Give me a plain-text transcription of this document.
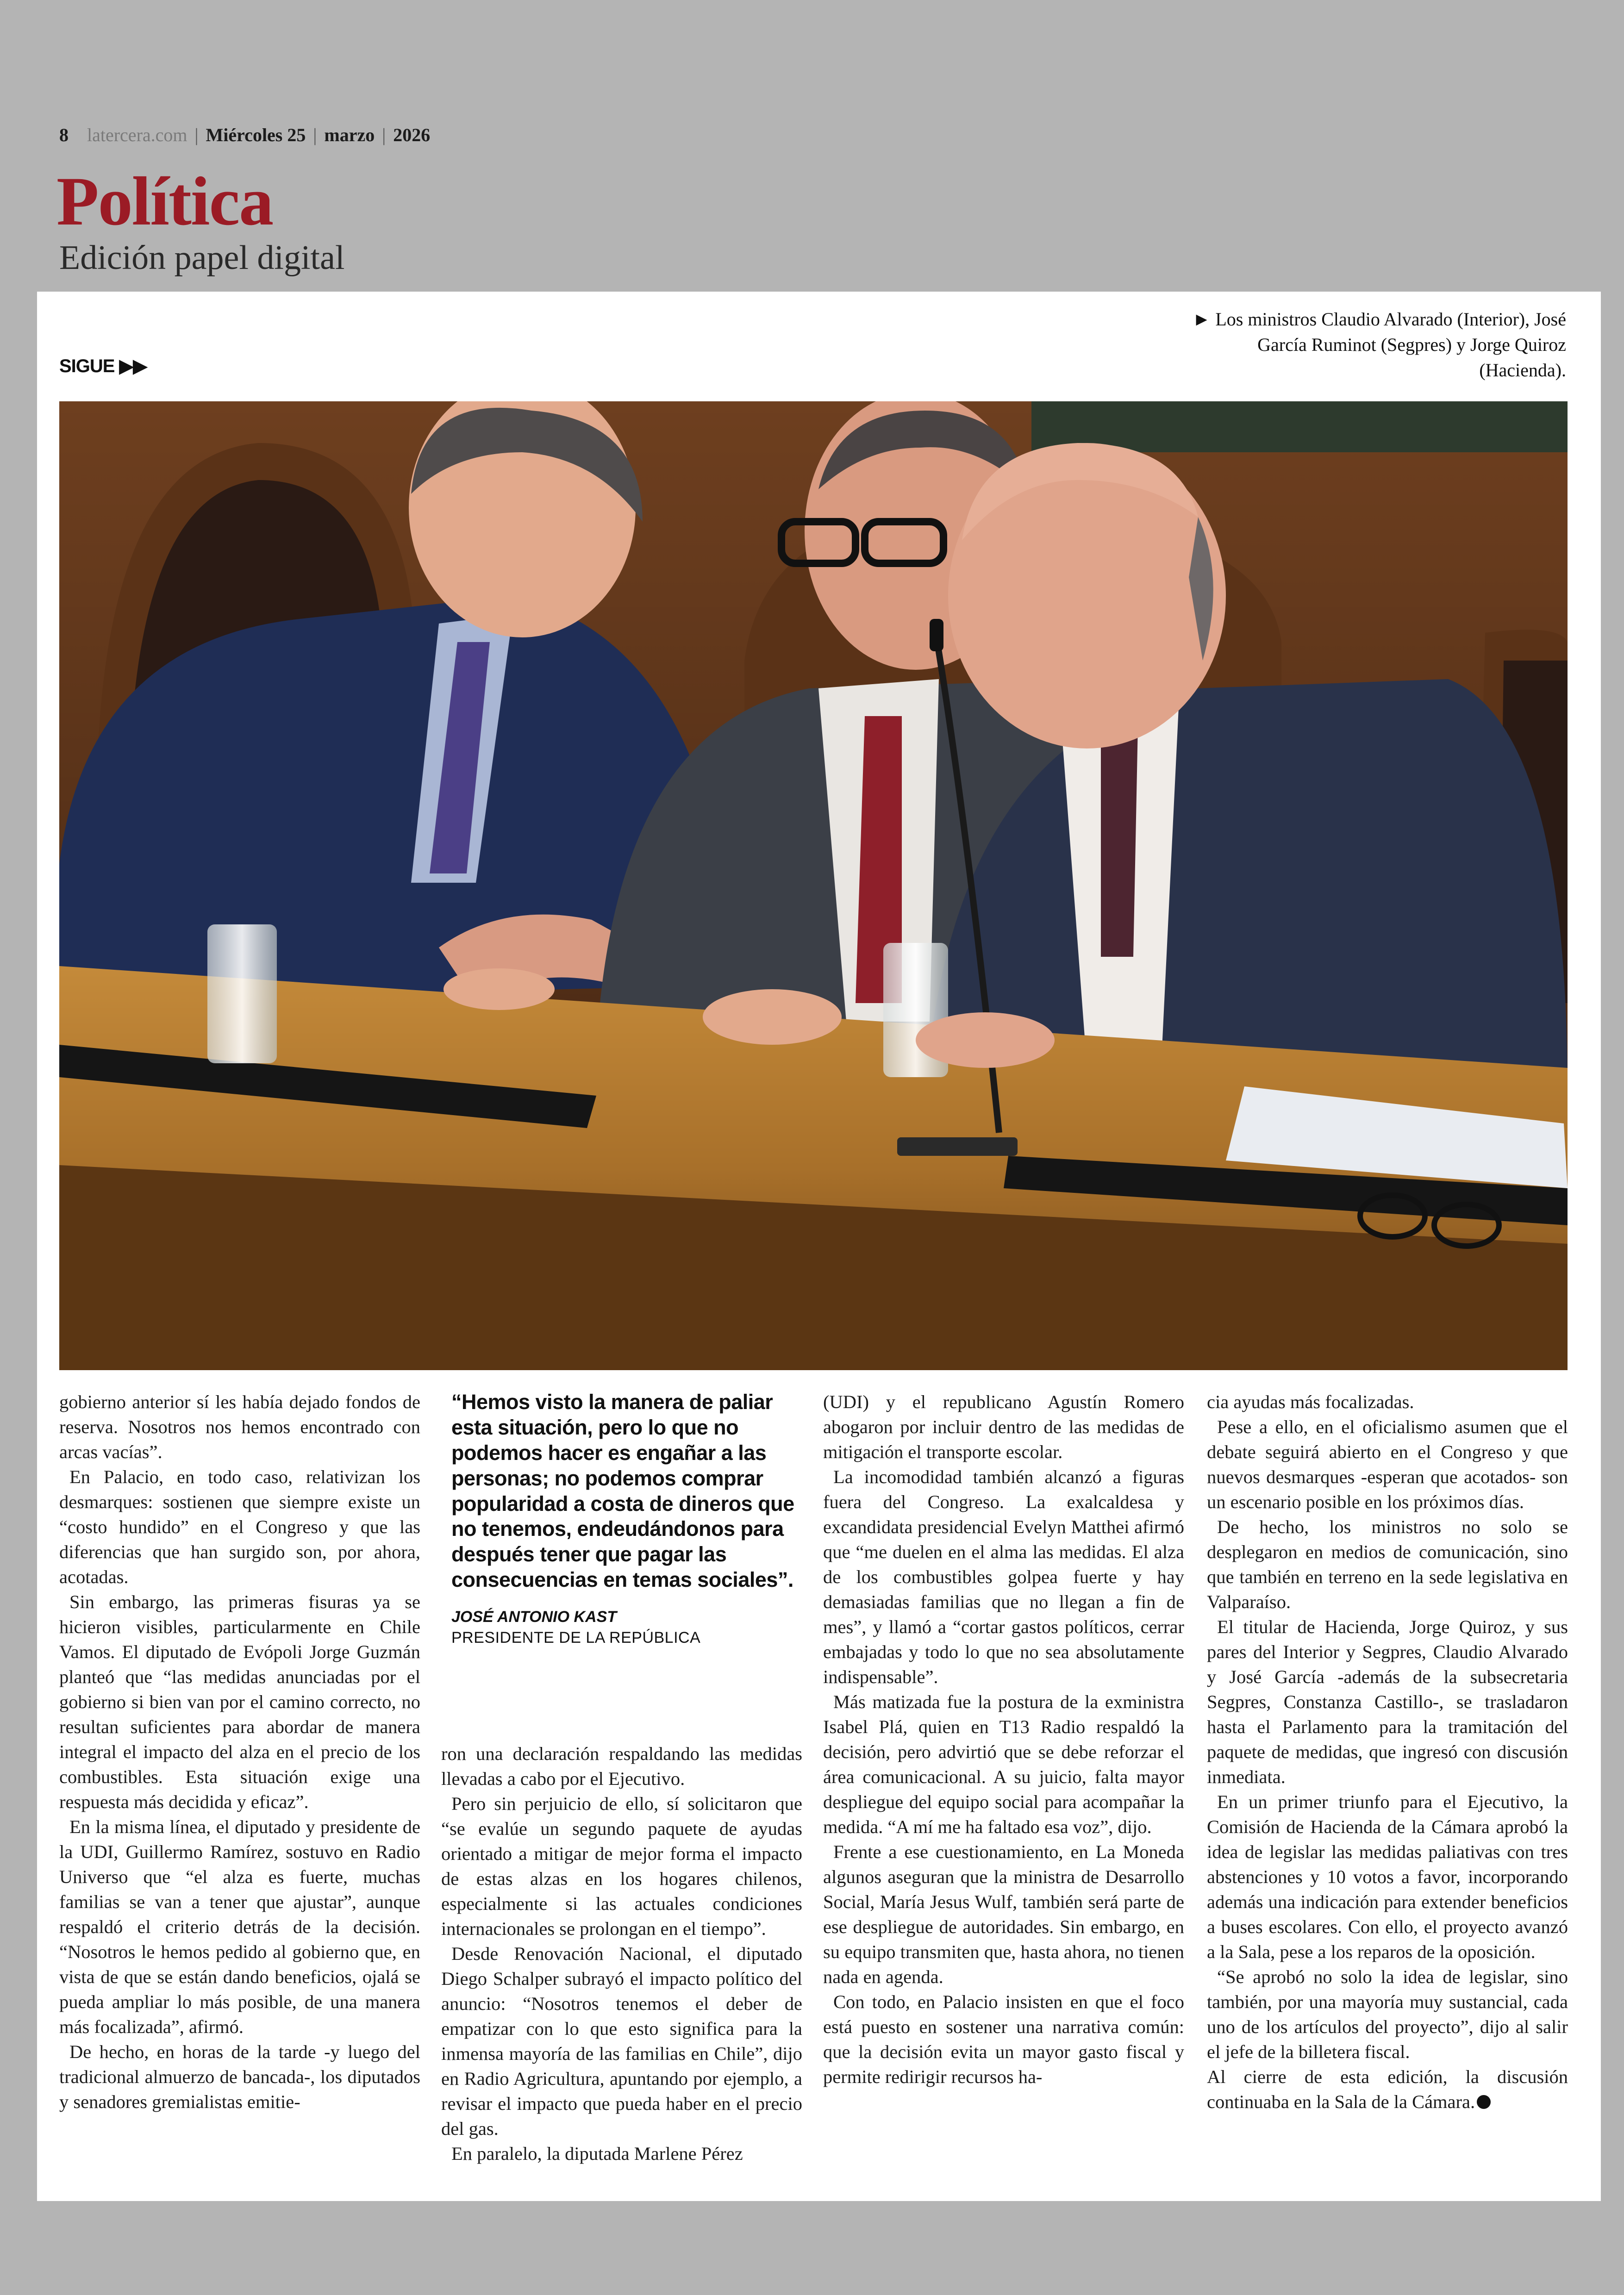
8 latercera.com | Miércoles 25 | marzo | 2026
Política
Edición papel digital
SIGUE ▶▶
► Los ministros Claudio Alvarado (Interior), José García Ruminot (Segpres) y Jorge Quiroz (Hacienda).

gobierno anterior sí les había dejado fondos de reserva. Nosotros nos hemos encontrado con arcas vacías”.

En Palacio, en todo caso, relativizan los desmarques: sostienen que siempre existe un “costo hundido” en el Congreso y que las diferencias que han surgido son, por ahora, acotadas.

Sin embargo, las primeras fisuras ya se hicieron visibles, particularmente en Chile Vamos. El diputado de Evópoli Jorge Guzmán planteó que “las medidas anunciadas por el gobierno si bien van por el camino correcto, no resultan suficientes para abordar de manera integral el impacto del alza en el precio de los combustibles. Esta situación exige una respuesta más decidida y eficaz”.

En la misma línea, el diputado y presidente de la UDI, Guillermo Ramírez, sostuvo en Radio Universo que “el alza es fuerte, muchas familias se van a tener que ajustar”, aunque respaldó el criterio detrás de la decisión. “Nosotros le hemos pedido al gobierno que, en vista de que se están dando beneficios, ojalá se pueda ampliar lo más posible, de una manera más focalizada”, afirmó.

De hecho, en horas de la tarde -y luego del tradicional almuerzo de bancada-, los diputados y senadores gremialistas emitie-

“Hemos visto la manera de paliar esta situación, pero lo que no podemos hacer es engañar a las personas; no podemos comprar popularidad a costa de dineros que no tenemos, endeudándonos para después tener que pagar las consecuencias en temas sociales”.
JOSÉ ANTONIO KAST
PRESIDENTE DE LA REPÚBLICA

ron una declaración respaldando las medidas llevadas a cabo por el Ejecutivo.

Pero sin perjuicio de ello, sí solicitaron que “se evalúe un segundo paquete de ayudas orientado a mitigar de mejor forma el impacto de estas alzas en los hogares chilenos, especialmente si las actuales condiciones internacionales se prolongan en el tiempo”.

Desde Renovación Nacional, el diputado Diego Schalper subrayó el impacto político del anuncio: “Nosotros tenemos el deber de empatizar con lo que esto significa para la inmensa mayoría de las familias en Chile”, dijo en Radio Agricultura, apuntando por ejemplo, a revisar el impacto que pueda haber en el precio del gas.

En paralelo, la diputada Marlene Pérez

(UDI) y el republicano Agustín Romero abogaron por incluir dentro de las medidas de mitigación el transporte escolar.

La incomodidad también alcanzó a figuras fuera del Congreso. La exalcaldesa y excandidata presidencial Evelyn Matthei afirmó que “me duelen en el alma las medidas. El alza de los combustibles golpea fuerte y hay demasiadas familias que no llegan a fin de mes”, y llamó a “cortar gastos políticos, cerrar embajadas y todo lo que no sea absolutamente indispensable”.

Más matizada fue la postura de la exministra Isabel Plá, quien en T13 Radio respaldó la decisión, pero advirtió que se debe reforzar el área comunicacional. A su juicio, falta mayor despliegue del equipo social para acompañar la medida. “A mí me ha faltado esa voz”, dijo.

Frente a ese cuestionamiento, en La Moneda algunos aseguran que la ministra de Desarrollo Social, María Jesus Wulf, también será parte de ese despliegue de autoridades. Sin embargo, en su equipo transmiten que, hasta ahora, no tienen nada en agenda.

Con todo, en Palacio insisten en que el foco está puesto en sostener una narrativa común: que la decisión evita un mayor gasto fiscal y permite redirigir recursos ha-

cia ayudas más focalizadas.

Pese a ello, en el oficialismo asumen que el debate seguirá abierto en el Congreso y que nuevos desmarques -esperan que acotados- son un escenario posible en los próximos días.

De hecho, los ministros no solo se desplegaron en medios de comunicación, sino que también en terreno en la sede legislativa en Valparaíso.

El titular de Hacienda, Jorge Quiroz, y sus pares del Interior y Segpres, Claudio Alvarado y José García -además de la subsecretaria Segpres, Constanza Castillo-, se trasladaron hasta el Parlamento para la tramitación del paquete de medidas, que ingresó con discusión inmediata.

En un primer triunfo para el Ejecutivo, la Comisión de Hacienda de la Cámara aprobó la idea de legislar las medidas paliativas con tres abstenciones y 10 votos a favor, incorporando además una indicación para extender beneficios a buses escolares. Con ello, el proyecto avanzó a la Sala, pese a los reparos de la oposición.

“Se aprobó no solo la idea de legislar, sino también, por una mayoría muy sustancial, cada uno de los artículos del proyecto”, dijo al salir el jefe de la billetera fiscal.

Al cierre de esta edición, la discusión continuaba en la Sala de la Cámara.
